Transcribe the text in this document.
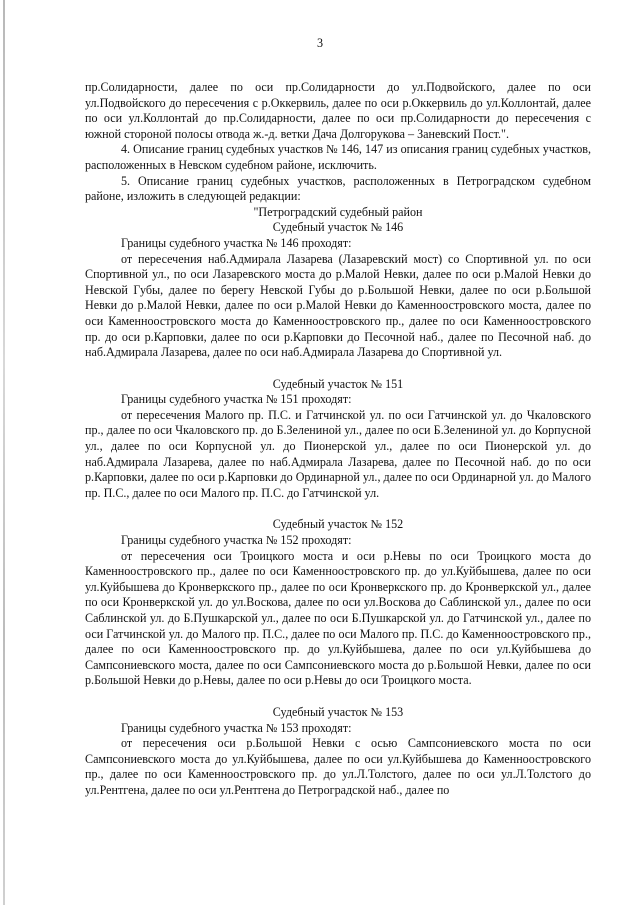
3

пр.Солидарности, далее по оси пр.Солидарности до ул.Подвойского, далее по оси ул.Подвойского до пересечения с р.Оккервиль, далее по оси р.Оккервиль до ул.Коллонтай, далее по оси ул.Коллонтай до пр.Солидарности, далее по оси пр.Солидарности до пересечения с южной стороной полосы отвода ж.-д. ветки Дача Долгорукова – Заневский Пост.".

4. Описание границ судебных участков № 146, 147 из описания границ судебных участков, расположенных в Невском судебном районе, исключить.

5. Описание границ судебных участков, расположенных в Петроградском судебном районе, изложить в следующей редакции:

"Петроградский судебный район

Судебный участок № 146

Границы судебного участка № 146 проходят:

от пересечения наб.Адмирала Лазарева (Лазаревский мост) со Спортивной ул. по оси Спортивной ул., по оси Лазаревского моста до р.Малой Невки, далее по оси р.Малой Невки до Невской Губы, далее по берегу Невской Губы до р.Большой Невки, далее по оси р.Большой Невки до р.Малой Невки, далее по оси р.Малой Невки до Каменноостровского моста, далее по оси Каменноостровского моста до Каменноостровского пр., далее по оси Каменноостровского пр. до оси р.Карповки, далее по оси р.Карповки до Песочной наб., далее по Песочной наб. до наб.Адмирала Лазарева, далее по оси наб.Адмирала Лазарева до Спортивной ул.

Судебный участок № 151

Границы судебного участка № 151 проходят:

от пересечения Малого пр. П.С. и Гатчинской ул. по оси Гатчинской ул. до Чкаловского пр., далее по оси Чкаловского пр. до Б.Зелениной ул., далее по оси Б.Зелениной ул. до Корпусной ул., далее по оси Корпусной ул. до Пионерской ул., далее по оси Пионерской ул. до наб.Адмирала Лазарева, далее по наб.Адмирала Лазарева, далее по Песочной наб. до по оси р.Карповки, далее по оси р.Карповки до Ординарной ул., далее по оси Ординарной ул. до Малого пр. П.С., далее по оси Малого пр. П.С. до Гатчинской ул.

Судебный участок № 152

Границы судебного участка № 152 проходят:

от пересечения оси Троицкого моста и оси р.Невы по оси Троицкого моста до Каменноостровского пр., далее по оси Каменноостровского пр. до ул.Куйбышева, далее по оси ул.Куйбышева до Кронверкского пр., далее по оси Кронверкского пр. до Кронверкской ул., далее по оси Кронверкской ул. до ул.Воскова, далее по оси ул.Воскова до Саблинской ул., далее по оси Саблинской ул. до Б.Пушкарской ул., далее по оси Б.Пушкарской ул. до Гатчинской ул., далее по оси Гатчинской ул. до Малого пр. П.С., далее по оси Малого пр. П.С. до Каменноостровского пр., далее по оси Каменноостровского пр. до ул.Куйбышева, далее по оси ул.Куйбышева до Сампсониевского моста, далее по оси Сампсониевского моста до р.Большой Невки, далее по оси р.Большой Невки до р.Невы, далее по оси р.Невы до оси Троицкого моста.

Судебный участок № 153

Границы судебного участка № 153 проходят:

от пересечения оси р.Большой Невки с осью Сампсониевского моста по оси Сампсониевского моста до ул.Куйбышева, далее по оси ул.Куйбышева до Каменноостровского пр., далее по оси Каменноостровского пр. до ул.Л.Толстого, далее по оси ул.Л.Толстого до ул.Рентгена, далее по оси ул.Рентгена до Петроградской наб., далее по
